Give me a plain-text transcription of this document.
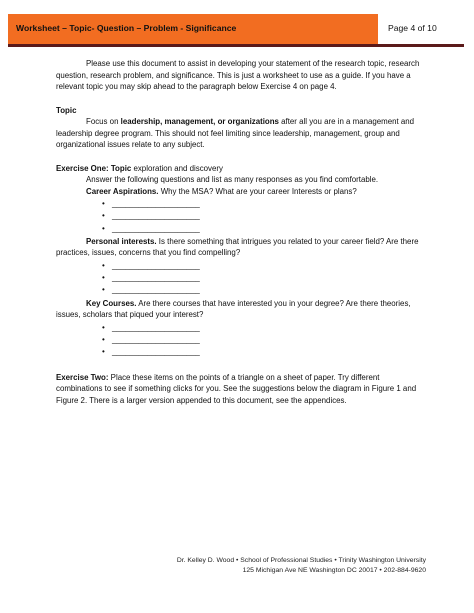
Worksheet – Topic- Question – Problem - Significance	Page 4 of 10

Please use this document to assist in developing your statement of the research topic, research question, research problem, and significance. This is just a worksheet to use as a guide. If you have a relevant topic you may skip ahead to the paragraph below Exercise 4 on page 4.

Topic

Focus on leadership, management, or organizations after all you are in a management and leadership degree program. This should not feel limiting since leadership, management, group and organizational issues relate to any subject.

Exercise One: Topic exploration and discovery

Answer the following questions and list as many responses as you find comfortable.

Career Aspirations. Why the MSA? What are your career Interests or plans?

• ____________________
• ____________________
• ____________________

Personal interests. Is there something that intrigues you related to your career field? Are there practices, issues, concerns that you find compelling?

• ____________________
• ____________________
• ____________________

Key Courses. Are there courses that have interested you in your degree? Are there theories, issues, scholars that piqued your interest?

• ____________________
• ____________________
• ____________________

Exercise Two: Place these items on the points of a triangle on a sheet of paper. Try different combinations to see if something clicks for you. See the suggestions below the diagram in Figure 1 and Figure 2. There is a larger version appended to this document, see the appendices.

Dr. Kelley D. Wood • School of Professional Studies • Trinity Washington University
125 Michigan Ave NE Washington DC 20017 • 202-884-9620
